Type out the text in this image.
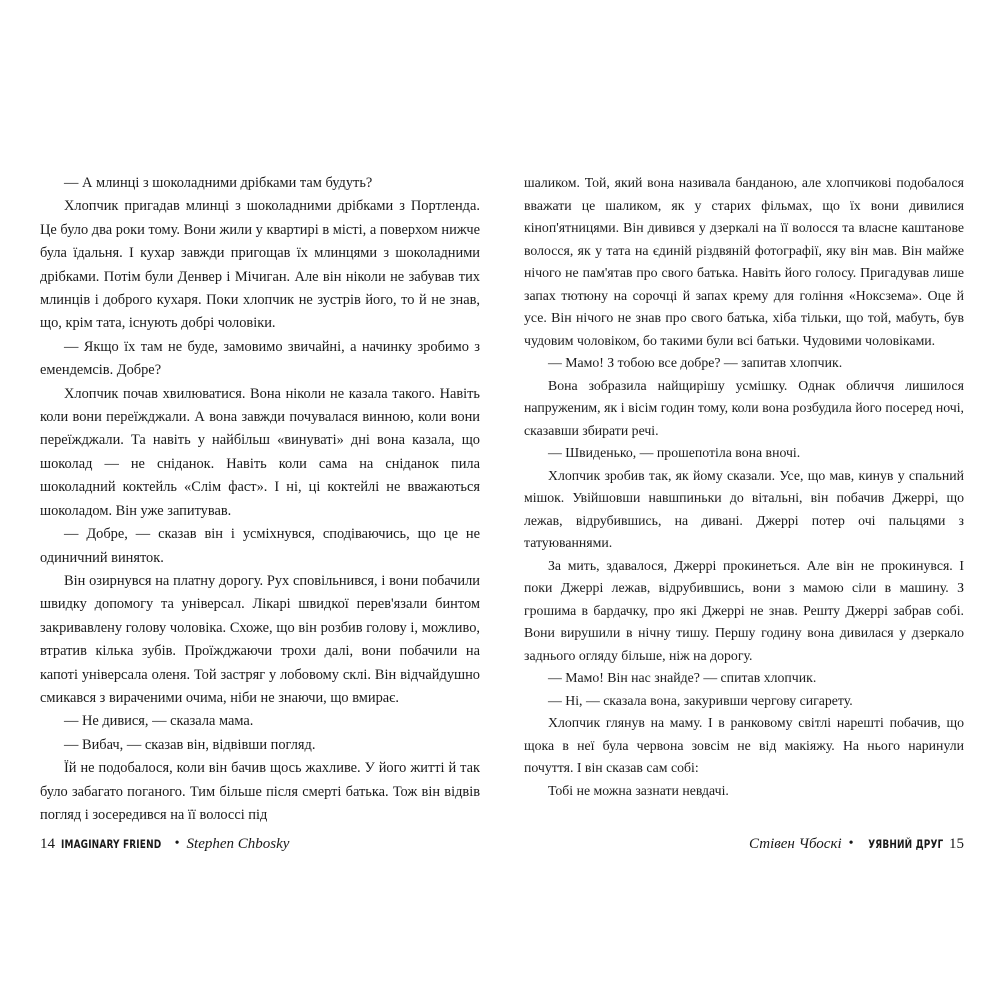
— А млинці з шоколадними дрібками там будуть?

Хлопчик пригадав млинці з шоколадними дрібками з Портленда. Це було два роки тому. Вони жили у квартирі в місті, а поверхом нижче була їдальня. І кухар завжди пригощав їх млинцями з шоколадними дрібками. Потім були Денвер і Мічиган. Але він ніколи не забував тих млинців і доброго кухаря. Поки хлопчик не зустрів його, то й не знав, що, крім тата, існують добрі чоловіки.

— Якщо їх там не буде, замовимо звичайні, а начинку зробимо з емендемсів. Добре?

Хлопчик почав хвилюватися. Вона ніколи не казала такого. Навіть коли вони переїжджали. А вона завжди почувалася винною, коли вони переїжджали. Та навіть у найбільш «винуваті» дні вона казала, що шоколад — не сніданок. Навіть коли сама на сніданок пила шоколадний коктейль «Слім фаст». І ні, ці коктейлі не вважаються шоколадом. Він уже запитував.

— Добре, — сказав він і усміхнувся, сподіваючись, що це не одиничний виняток.

Він озирнувся на платну дорогу. Рух сповільнився, і вони побачили швидку допомогу та універсал. Лікарі швидкої перев'язали бинтом закривавлену голову чоловіка. Схоже, що він розбив голову і, можливо, втратив кілька зубів. Проїжджаючи трохи далі, вони побачили на капоті універсала оленя. Той застряг у лобовому склі. Він відчайдушно смикався з вираченими очима, ніби не знаючи, що вмирає.

— Не дивися, — сказала мама.

— Вибач, — сказав він, відвівши погляд.

Їй не подобалося, коли він бачив щось жахливе. У його житті й так було забагато поганого. Тим більше після смерті батька. Тож він відвів погляд і зосередився на її волоссі під

14 IMAGINARY FRIEND • Stephen Chbosky

шаликом. Той, який вона називала банданою, але хлопчикові подобалося вважати це шаликом, як у старих фільмах, що їх вони дивилися кіноп'ятницями. Він дивився у дзеркалі на її волосся та власне каштанове волосся, як у тата на єдиній різдвяній фотографії, яку він мав. Він майже нічого не пам'ятав про свого батька. Навіть його голосу. Пригадував лише запах тютюну на сорочці й запах крему для гоління «Ноксзема». Оце й усе. Він нічого не знав про свого батька, хіба тільки, що той, мабуть, був чудовим чоловіком, бо такими були всі батьки. Чудовими чоловіками.

— Мамо! З тобою все добре? — запитав хлопчик.

Вона зобразила найщирішу усмішку. Однак обличчя лишилося напруженим, як і вісім годин тому, коли вона розбудила його посеред ночі, сказавши збирати речі.

— Швиденько, — прошепотіла вона вночі.

Хлопчик зробив так, як йому сказали. Усе, що мав, кинув у спальний мішок. Увійшовши навшпиньки до вітальні, він побачив Джеррі, що лежав, відрубившись, на дивані. Джеррі потер очі пальцями з татуюваннями.

За мить, здавалося, Джеррі прокинеться. Але він не прокинувся. І поки Джеррі лежав, відрубившись, вони з мамою сіли в машину. З грошима в бардачку, про які Джеррі не знав. Решту Джеррі забрав собі. Вони вирушили в нічну тишу. Першу годину вона дивилася у дзеркало заднього огляду більше, ніж на дорогу.

— Мамо! Він нас знайде? — спитав хлопчик.

— Ні, — сказала вона, закуривши чергову сигарету.

Хлопчик глянув на маму. І в ранковому світлі нарешті побачив, що щока в неї була червона зовсім не від макіяжу. На нього наринули почуття. І він сказав сам собі:

Тобі не можна зазнати невдачі.

Стівен Чбоскі • УЯВНИЙ ДРУГ 15
